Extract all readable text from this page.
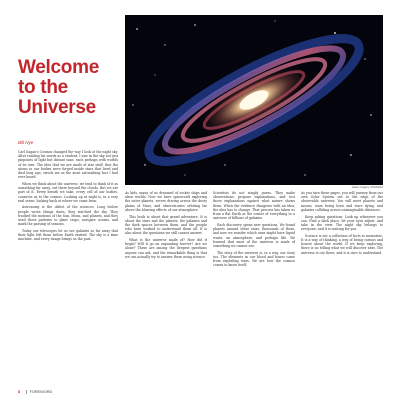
Welcome to the Universe
Bill Nye
Galaxy imagery: NASA/ESA

Carl Sagan's Cosmos changed the way I look at the night sky. After reading his words as a student, I saw in the sky not just pinpoints of light but distant suns, each perhaps with worlds of its own. The idea that we are made of star stuff, that the atoms in our bodies were forged inside stars that lived and died long ago, struck me as the most astonishing fact I had ever heard.

When we think about the universe, we tend to think of it as something far away, out there beyond the clouds. But we are part of it. Every breath we take, every cell of our bodies, connects us to the cosmos. Looking up at night is, in a very real sense, looking back at where we came from.

Astronomy is the oldest of the sciences. Long before people wrote things down, they watched the sky. They tracked the motions of the Sun, Moon, and planets, and they used those patterns to plant crops, navigate oceans, and mark the passing of seasons.

Today our telescopes let us see galaxies so far away that their light left them before Earth existed. The sky is a time machine, and every image brings us the past.

As kids, many of us dreamed of rocket ships and alien worlds. Now we have spacecraft exploring the outer planets, rovers driving across the dusty plains of Mars, and observatories orbiting far above the blurring effects of our atmosphere.

This book is about that grand adventure. It is about the stars and the planets, the galaxies and the dark spaces between them, and the people who have worked to understand them all. It is also about the questions we still cannot answer.

What is the universe made of? How did it begin? Will it go on expanding forever? Are we alone? These are among the deepest questions anyone can ask, and the remarkable thing is that we can actually try to answer them using science.

Scientists do not simply guess. They make observations, propose explanations, and test those explanations against what nature shows them. When the evidence disagrees with an idea, the idea has to change. That process has taken us from a flat Earth at the center of everything to a universe of billions of galaxies.

Each discovery opens new questions. We found planets around other stars, thousands of them, and now we wonder which ones might have liquid water, an atmosphere, and perhaps life. We learned that most of the universe is made of something we cannot see.

The story of the universe is, in a way, our story too. The elements in our blood and bones came from exploding stars. We are how the cosmos comes to know itself.

As you turn these pages, you will journey from our own Solar System out to the edge of the observable universe. You will meet planets and moons, stars being born and stars dying, and galaxies colliding across unimaginable distances.

Keep asking questions. Look up whenever you can. Find a dark place, let your eyes adjust, and take in the view. The night sky belongs to everyone, and it is waiting for you.

Science is not a collection of facts to memorize. It is a way of thinking, a way of being curious and honest about the world. If we keep exploring, there is no telling what we will discover next. The universe is out there, and it is ours to understand.

8	FOREWORD
